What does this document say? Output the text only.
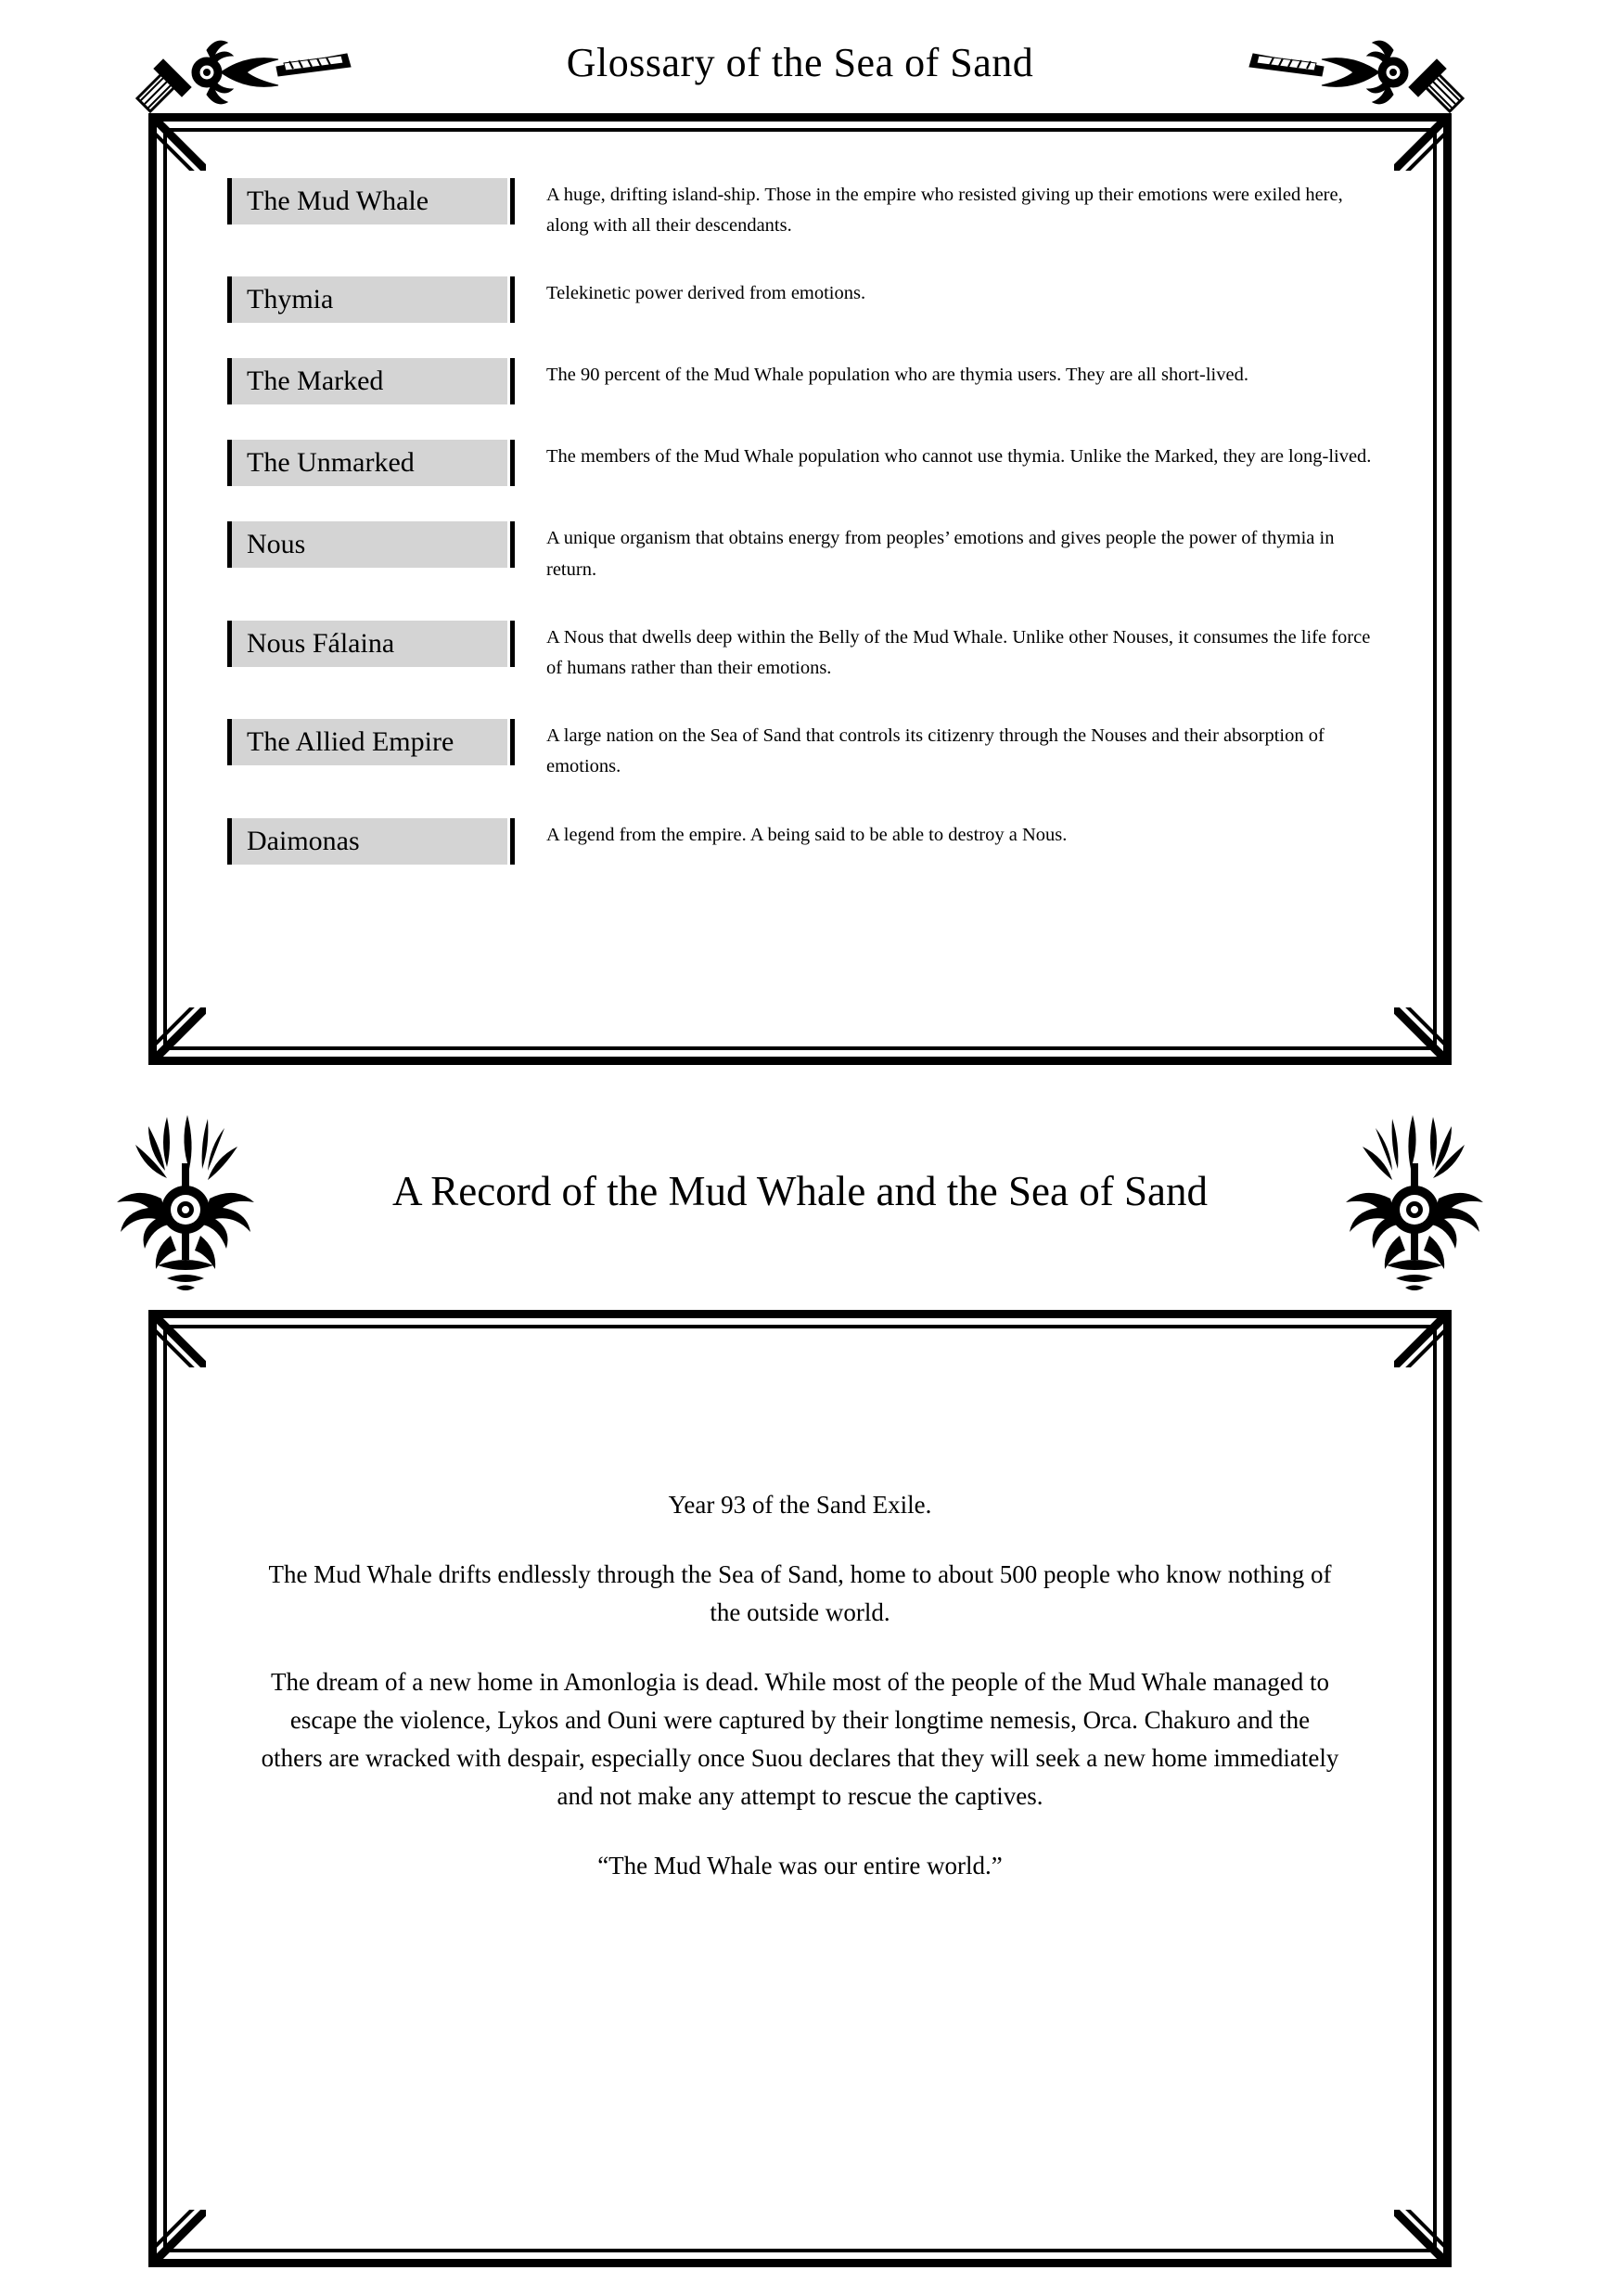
Glossary of the Sea of Sand
The Mud Whale	A huge, drifting island-ship. Those in the empire who resisted giving up their emotions were exiled here, along with all their descendants.
Thymia	Telekinetic power derived from emotions.
The Marked	The 90 percent of the Mud Whale population who are thymia users. They are all short-lived.
The Unmarked	The members of the Mud Whale population who cannot use thymia. Unlike the Marked, they are long-lived.
Nous	A unique organism that obtains energy from peoples’ emotions and gives people the power of thymia in return.
Nous Fálaina	A Nous that dwells deep within the Belly of the Mud Whale. Unlike other Nouses, it consumes the life force of humans rather than their emotions.
The Allied Empire	A large nation on the Sea of Sand that controls its citizenry through the Nouses and their absorption of emotions.
Daimonas	A legend from the empire. A being said to be able to destroy a Nous.
A Record of the Mud Whale and the Sea of Sand

Year 93 of the Sand Exile.

The Mud Whale drifts endlessly through the Sea of Sand, home to about 500 people who know nothing of the outside world.

The dream of a new home in Amonlogia is dead. While most of the people of the Mud Whale managed to escape the violence, Lykos and Ouni were captured by their longtime nemesis, Orca. Chakuro and the others are wracked with despair, especially once Suou declares that they will seek a new home immediately and not make any attempt to rescue the captives.

“The Mud Whale was our entire world.”
